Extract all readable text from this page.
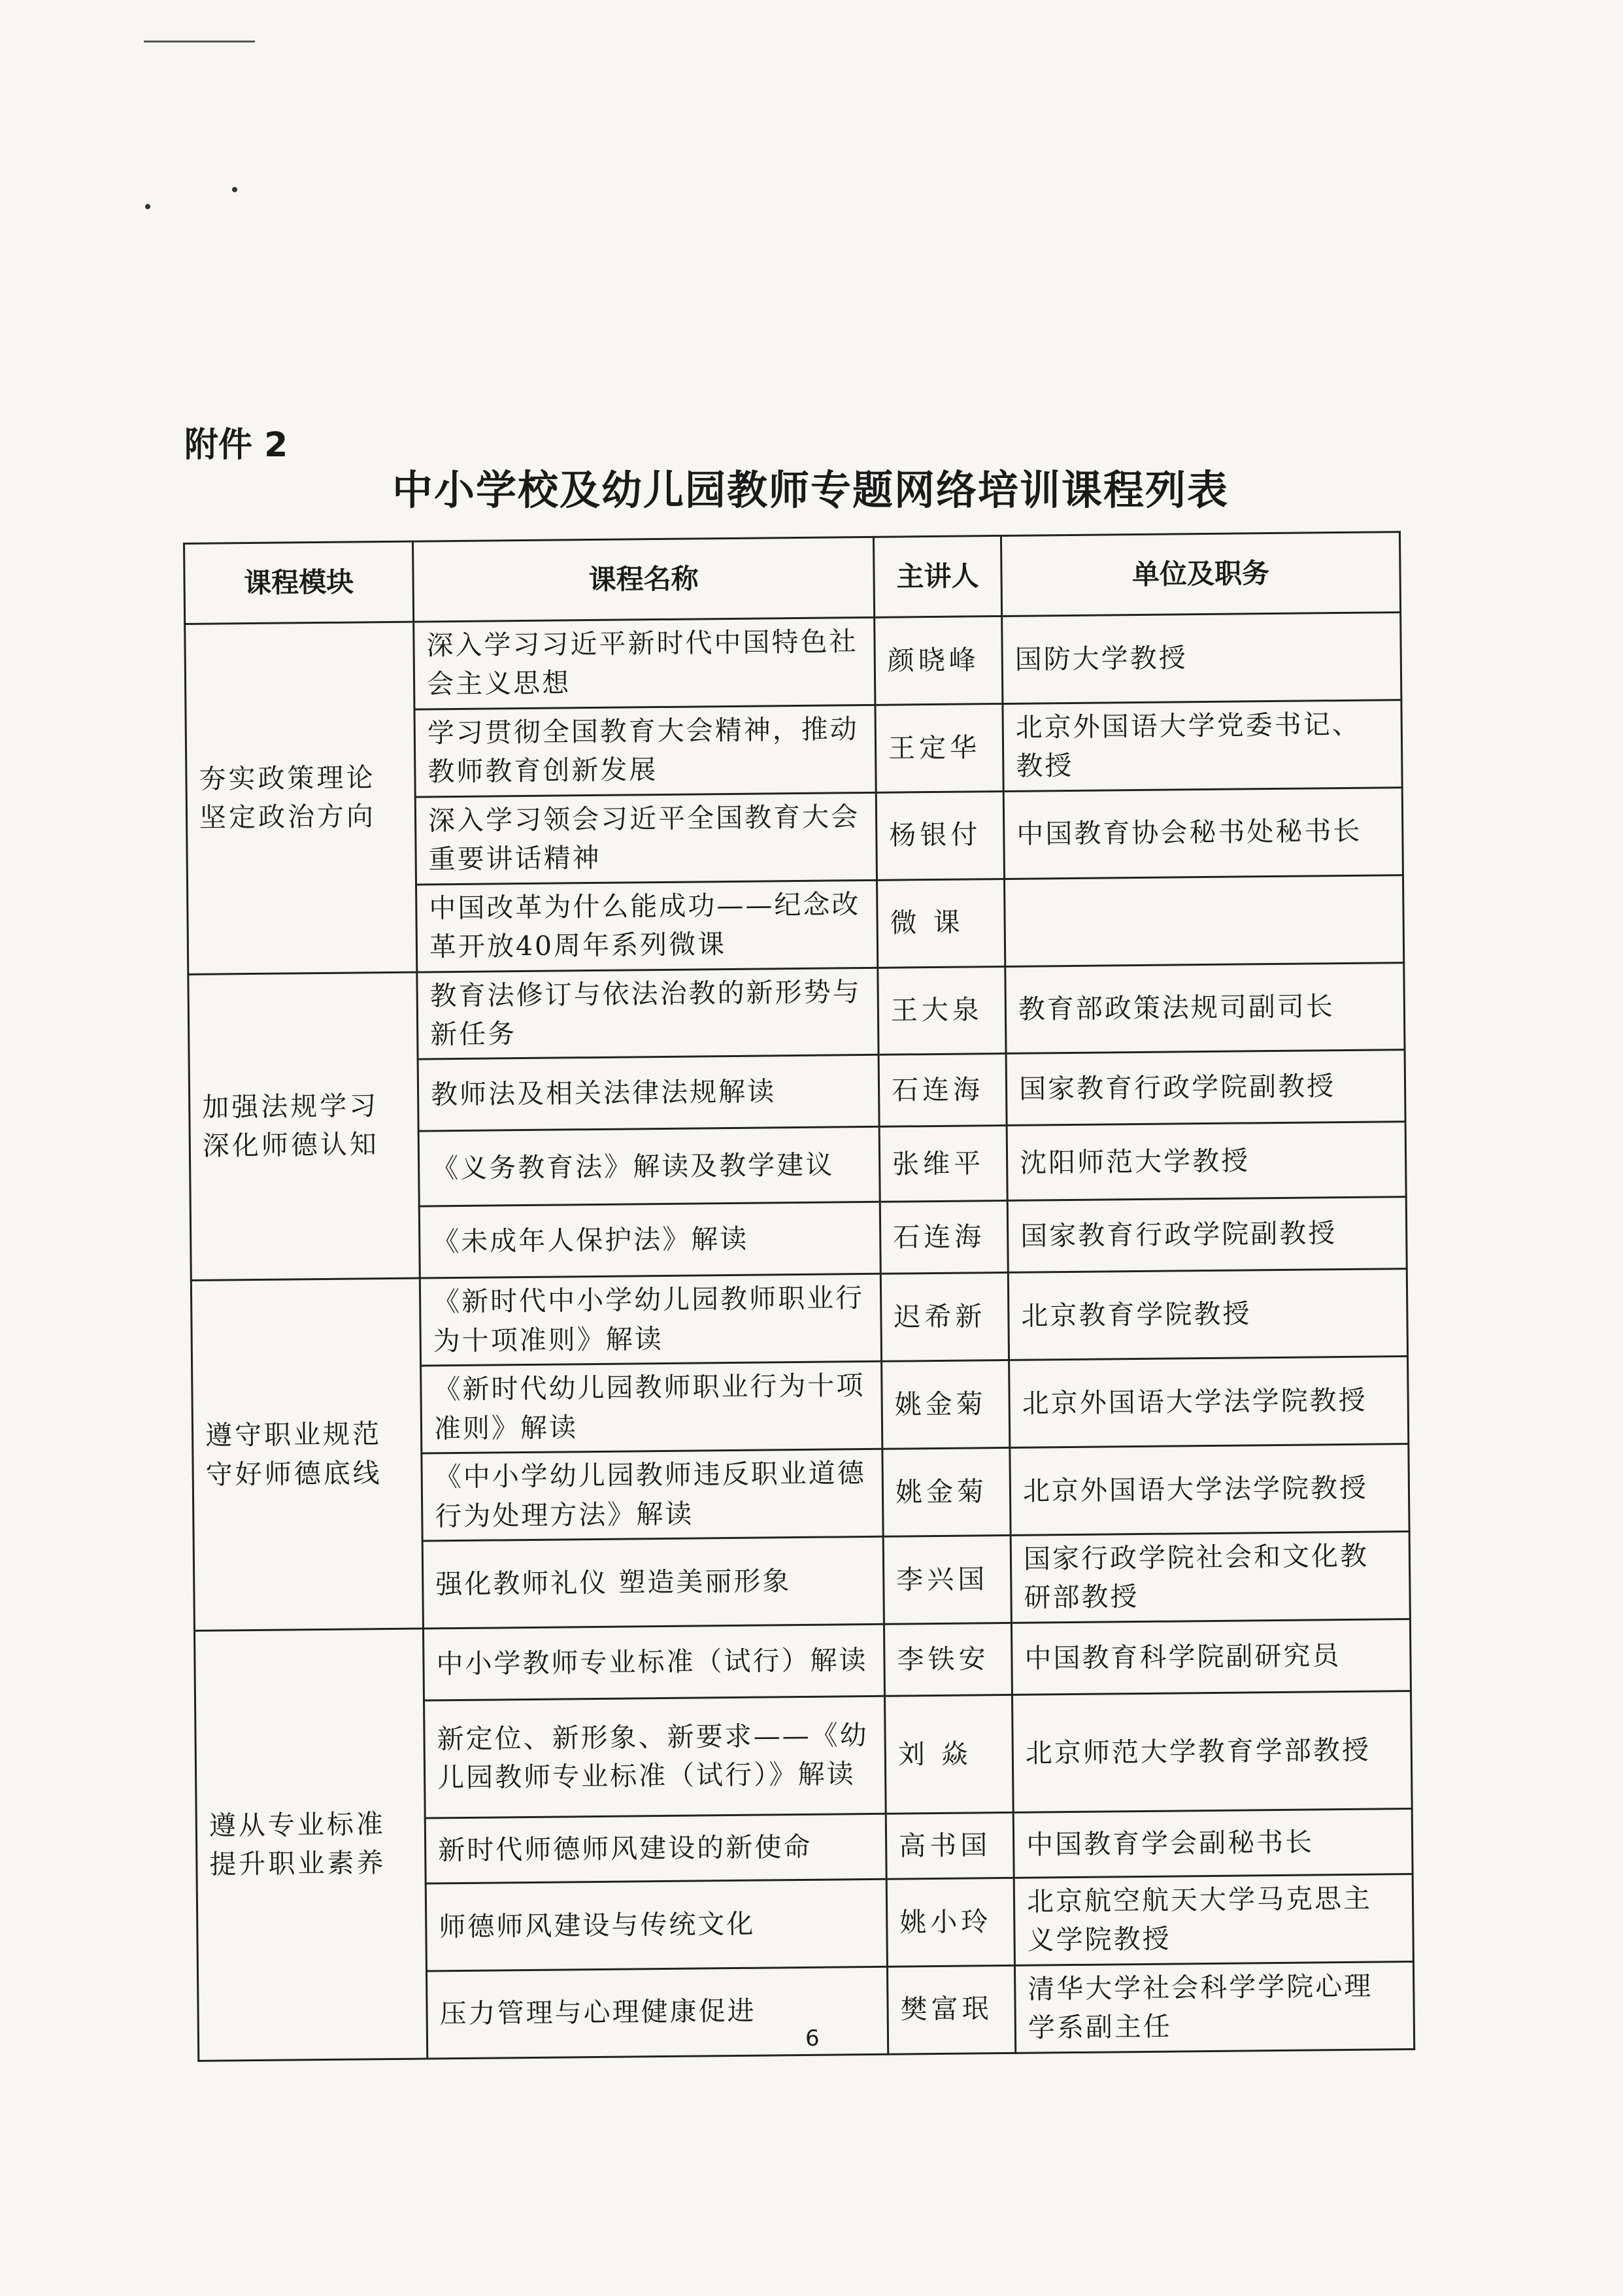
附件 2
中小学校及幼儿园教师专题网络培训课程列表
课程模块	课程名称	主讲人	单位及职务
夯实政策理论坚定政治方向	深入学习习近平新时代中国特色社会主义思想	颜晓峰	国防大学教授
	学习贯彻全国教育大会精神，推动教师教育创新发展	王定华	北京外国语大学党委书记、教授
	深入学习领会习近平全国教育大会重要讲话精神	杨银付	中国教育协会秘书处秘书长
	中国改革为什么能成功——纪念改革开放40周年系列微课	微 课	
加强法规学习深化师德认知	教育法修订与依法治教的新形势与新任务	王大泉	教育部政策法规司副司长
	教师法及相关法律法规解读	石连海	国家教育行政学院副教授
	《义务教育法》解读及教学建议	张维平	沈阳师范大学教授
	《未成年人保护法》解读	石连海	国家教育行政学院副教授
遵守职业规范守好师德底线	《新时代中小学幼儿园教师职业行为十项准则》解读	迟希新	北京教育学院教授
	《新时代幼儿园教师职业行为十项准则》解读	姚金菊	北京外国语大学法学院教授
	《中小学幼儿园教师违反职业道德行为处理方法》解读	姚金菊	北京外国语大学法学院教授
	强化教师礼仪 塑造美丽形象	李兴国	国家行政学院社会和文化教研部教授
遵从专业标准提升职业素养	中小学教师专业标准（试行）解读	李铁安	中国教育科学院副研究员
	新定位、新形象、新要求——《幼儿园教师专业标准（试行）》解读	刘 焱	北京师范大学教育学部教授
	新时代师德师风建设的新使命	高书国	中国教育学会副秘书长
	师德师风建设与传统文化	姚小玲	北京航空航天大学马克思主义学院教授
	压力管理与心理健康促进	樊富珉	清华大学社会科学学院心理学系副主任
6
